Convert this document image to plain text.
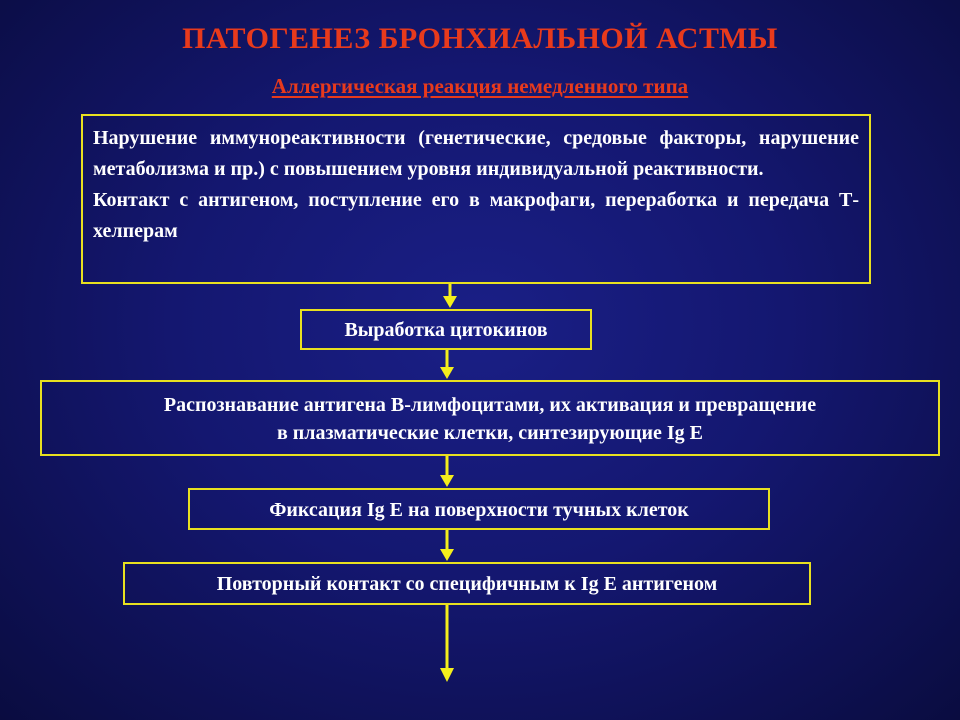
ПАТОГЕНЕЗ БРОНХИАЛЬНОЙ АСТМЫ
Аллергическая реакция немедленного типа

Нарушение иммунореактивности (генетические, средовые факторы, нарушение метаболизма и пр.) с повышением уровня индивидуальной реактивности.

Контакт с антигеном, поступление его в макрофаги, переработка и передача Т-хелперам

Выработка цитокинов
Распознавание антигена В-лимфоцитами, их активация и превращение
в плазматические клетки, синтезирующие Ig E
Фиксация Ig E на поверхности тучных клеток
Повторный контакт со специфичным к Ig E антигеном
